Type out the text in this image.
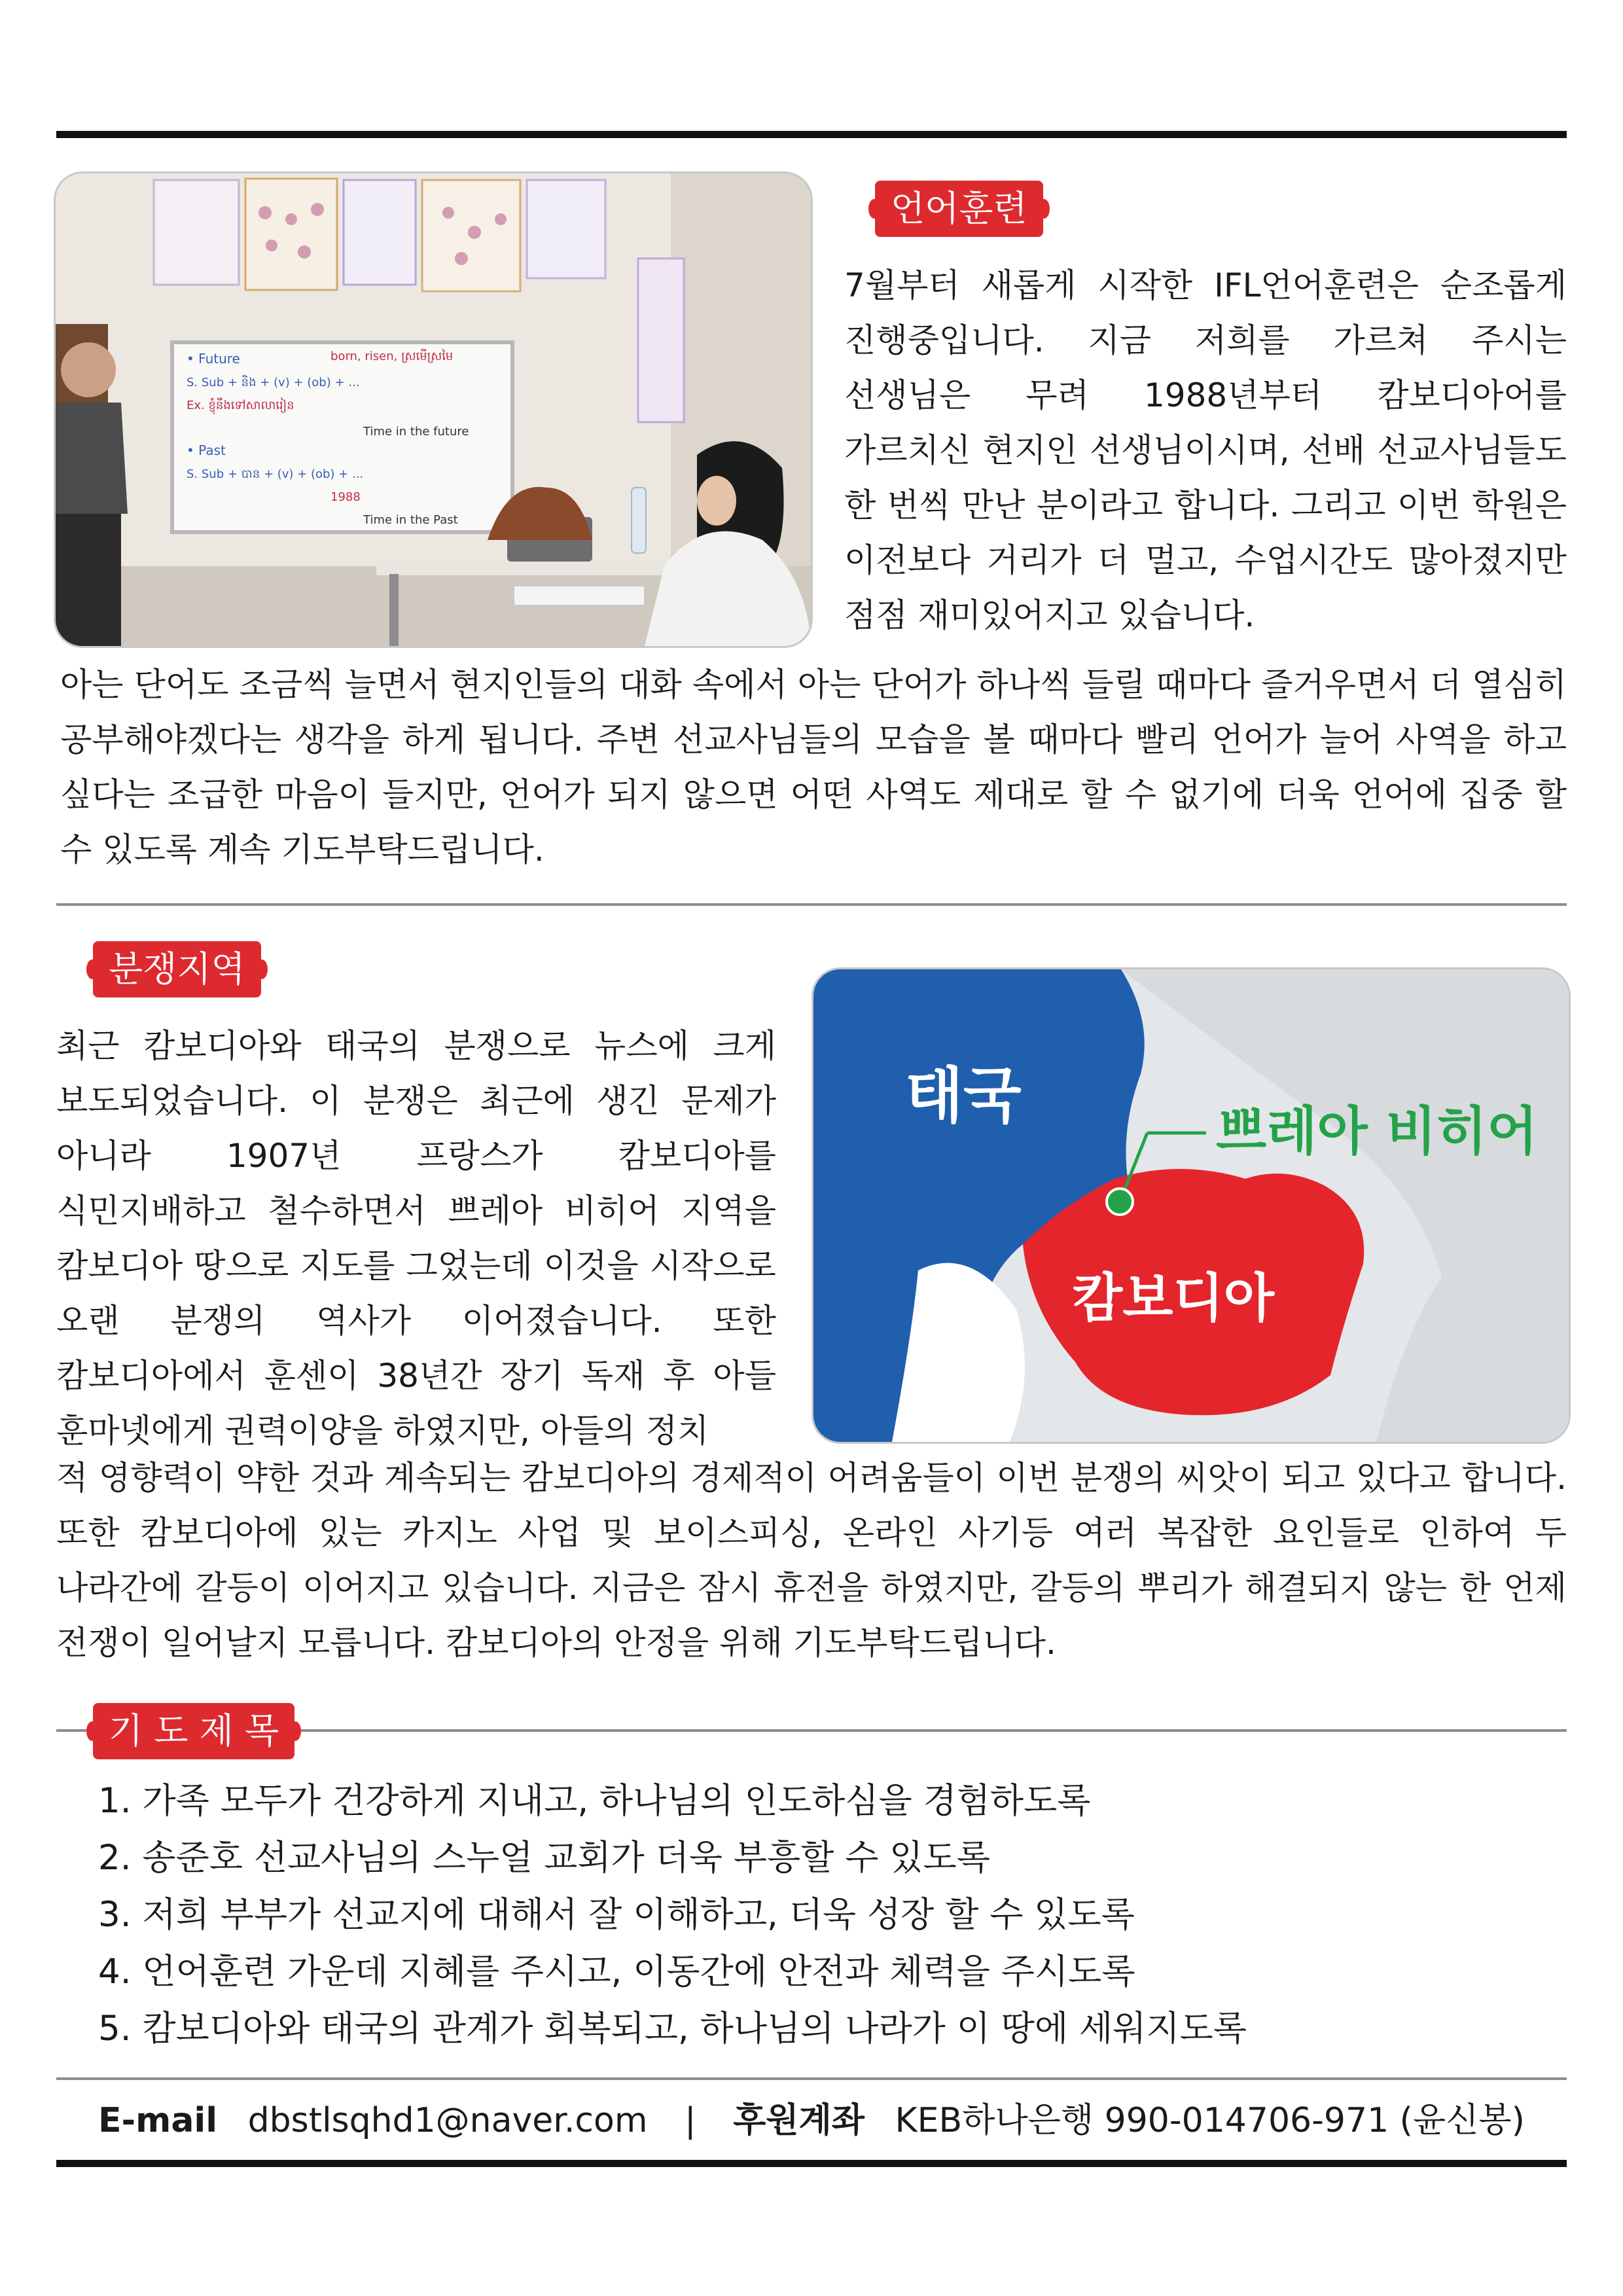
• Future	born, risen, ស្រមើស្រមៃ
S. Sub + និង + (v) + (ob) + ...
Ex. ខ្ញុំនឹងទៅសាលារៀន
Time in the future
• Past
S. Sub + បាន + (v) + (ob) + ...
1988
Time in the Past
언어훈련

7월부터 새롭게 시작한 IFL언어훈련은 순조롭게 진행중입니다. 지금 저희를 가르쳐 주시는 선생님은 무려 1988년부터 캄보디아어를 가르치신 현지인 선생님이시며, 선배 선교사님들도 한 번씩 만난 분이라고 합니다. 그리고 이번 학원은 이전보다 거리가 더 멀고, 수업시간도 많아졌지만 점점 재미있어지고 있습니다.

아는 단어도 조금씩 늘면서 현지인들의 대화 속에서 아는 단어가 하나씩 들릴 때마다 즐거우면서 더 열심히 공부해야겠다는 생각을 하게 됩니다. 주변 선교사님들의 모습을 볼 때마다 빨리 언어가 늘어 사역을 하고 싶다는 조급한 마음이 들지만, 언어가 되지 않으면 어떤 사역도 제대로 할 수 없기에 더욱 언어에 집중 할 수 있도록 계속 기도부탁드립니다.

분쟁지역

최근 캄보디아와 태국의 분쟁으로 뉴스에 크게 보도되었습니다. 이 분쟁은 최근에 생긴 문제가 아니라 1907년 프랑스가 캄보디아를 식민지배하고 철수하면서 쁘레아 비히어 지역을 캄보디아 땅으로 지도를 그었는데 이것을 시작으로 오랜 분쟁의 역사가 이어졌습니다. 또한 캄보디아에서 훈센이 38년간 장기 독재 후 아들 훈마넷에게 권력이양을 하였지만, 아들의 정치

태국
쁘레아 비히어
캄보디아

적 영향력이 약한 것과 계속되는 캄보디아의 경제적이 어려움들이 이번 분쟁의 씨앗이 되고 있다고 합니다. 또한 캄보디아에 있는 카지노 사업 및 보이스피싱, 온라인 사기등 여러 복잡한 요인들로 인하여 두 나라간에 갈등이 이어지고 있습니다. 지금은 잠시 휴전을 하였지만, 갈등의 뿌리가 해결되지 않는 한 언제 전쟁이 일어날지 모릅니다. 캄보디아의 안정을 위해 기도부탁드립니다.

기 도 제 목
1. 가족 모두가 건강하게 지내고, 하나님의 인도하심을 경험하도록
2. 송준호 선교사님의 스누얼 교회가 더욱 부흥할 수 있도록
3. 저희 부부가 선교지에 대해서 잘 이해하고, 더욱 성장 할 수 있도록
4. 언어훈련 가운데 지혜를 주시고, 이동간에 안전과 체력을 주시도록
5. 캄보디아와 태국의 관계가 회복되고, 하나님의 나라가 이 땅에 세워지도록
E-mail dbstlsqhd1@naver.com | 후원계좌 KEB하나은행 990-014706-971 (윤신봉)
